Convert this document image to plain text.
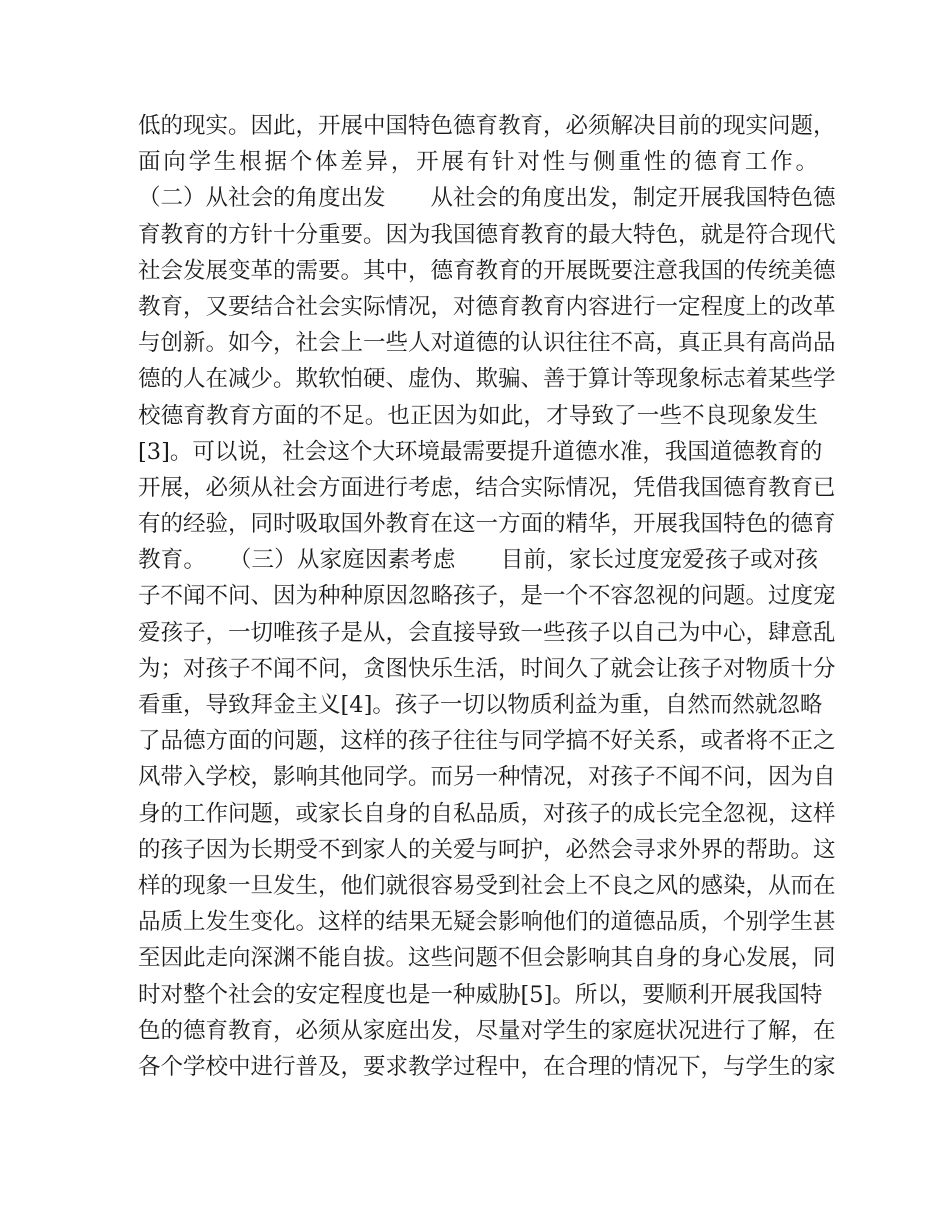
低的现实。因此，开展中国特色德育教育，必须解决目前的现实问题，
面向学生根据个体差异，开展有针对性与侧重性的德育工作。
（二）从社会的角度出发　　从社会的角度出发，制定开展我国特色德
育教育的方针十分重要。因为我国德育教育的最大特色，就是符合现代
社会发展变革的需要。其中，德育教育的开展既要注意我国的传统美德
教育，又要结合社会实际情况，对德育教育内容进行一定程度上的改革
与创新。如今，社会上一些人对道德的认识往往不高，真正具有高尚品
德的人在减少。欺软怕硬、虚伪、欺骗、善于算计等现象标志着某些学
校德育教育方面的不足。也正因为如此，才导致了一些不良现象发生
[3]。可以说，社会这个大环境最需要提升道德水准，我国道德教育的
开展，必须从社会方面进行考虑，结合实际情况，凭借我国德育教育已
有的经验，同时吸取国外教育在这一方面的精华，开展我国特色的德育
教育。　　（三）从家庭因素考虑　　目前，家长过度宠爱孩子或对孩
子不闻不问、因为种种原因忽略孩子，是一个不容忽视的问题。过度宠
爱孩子，一切唯孩子是从，会直接导致一些孩子以自己为中心，肆意乱
为；对孩子不闻不问，贪图快乐生活，时间久了就会让孩子对物质十分
看重，导致拜金主义[4]。孩子一切以物质利益为重，自然而然就忽略
了品德方面的问题，这样的孩子往往与同学搞不好关系，或者将不正之
风带入学校，影响其他同学。而另一种情况，对孩子不闻不问，因为自
身的工作问题，或家长自身的自私品质，对孩子的成长完全忽视，这样
的孩子因为长期受不到家人的关爱与呵护，必然会寻求外界的帮助。这
样的现象一旦发生，他们就很容易受到社会上不良之风的感染，从而在
品质上发生变化。这样的结果无疑会影响他们的道德品质，个别学生甚
至因此走向深渊不能自拔。这些问题不但会影响其自身的身心发展，同
时对整个社会的安定程度也是一种威胁[5]。所以，要顺利开展我国特
色的德育教育，必须从家庭出发，尽量对学生的家庭状况进行了解，在
各个学校中进行普及，要求教学过程中，在合理的情况下，与学生的家
